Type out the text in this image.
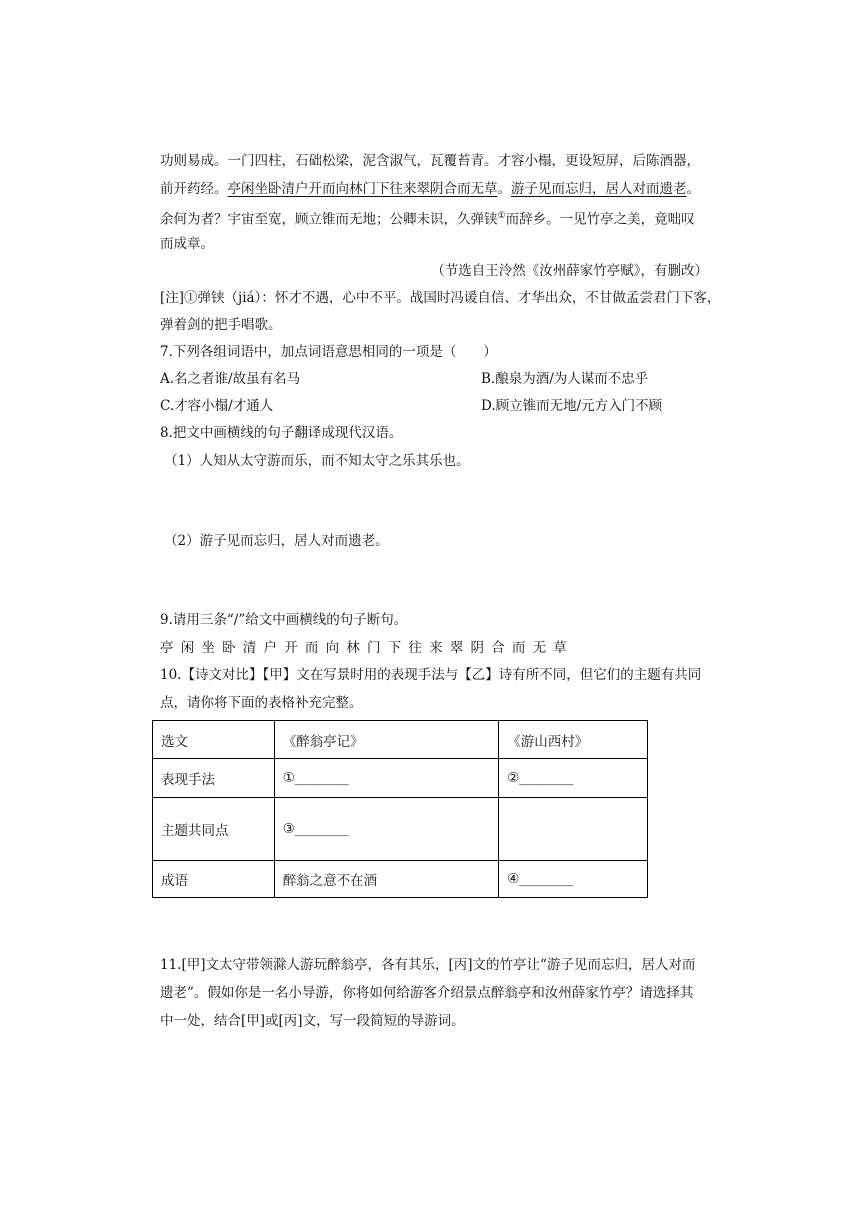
功则易成。一门四柱，石础松梁，泥含淑气，瓦覆苔青。才容小榻，更设短屏，后陈酒器，
前开药经。亭闲坐卧清户开而向林门下往来翠阴合而无草。游子见而忘归，居人对而遗老。
余何为者？宇宙至宽，顾立锥而无地；公卿未识，久弹铗①而辞乡。一见竹亭之美，竟咄叹
而成章。
（节选自王泠然《汝州薛家竹亭赋》，有删改）
[注]①弹铗（jiá）：怀才不遇，心中不平。战国时冯谖自信、才华出众，不甘做孟尝君门下客，
弹着剑的把手唱歌。
7.下列各组词语中，加点词语意思相同的一项是（　　）
A.名之者谁/故虽有名马	B.酿泉为酒/为人谋而不忠乎
C.才容小榻/才通人	D.顾立锥而无地/元方入门不顾
8.把文中画横线的句子翻译成现代汉语。
（1）人知从太守游而乐，而不知太守之乐其乐也。
（2）游子见而忘归，居人对而遗老。
9.请用三条“/”给文中画横线的句子断句。
亭闲坐卧清户开而向林门下往来翠阴合而无草
10.【诗文对比】【甲】文在写景时用的表现手法与【乙】诗有所不同，但它们的主题有共同
点，请你将下面的表格补充完整。
选文	《醉翁亭记》	《游山西村》
表现手法	①________	②________
主题共同点	③________	
成语	醉翁之意不在酒	④________
11.[甲]文太守带领滁人游玩醉翁亭，各有其乐，[丙]文的竹亭让“游子见而忘归，居人对而
遗老”。假如你是一名小导游，你将如何给游客介绍景点醉翁亭和汝州薛家竹亭？请选择其
中一处，结合[甲]或[丙]文，写一段简短的导游词。
